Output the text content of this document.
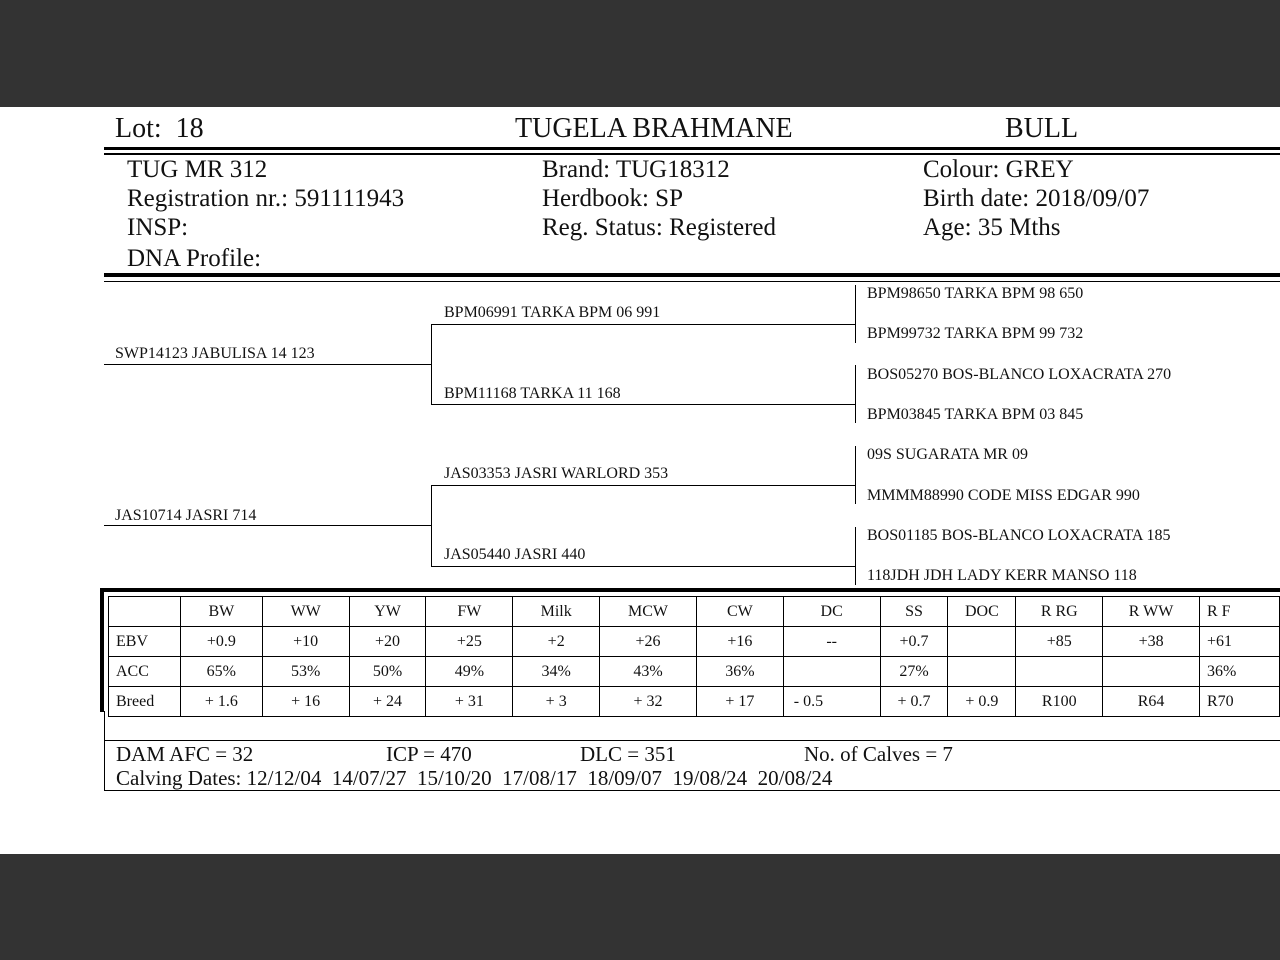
Lot: 18	TUGELA BRAHMANE	BULL
TUG MR 312
Registration nr.: 591111943
INSP:
DNA Profile:
Brand: TUG18312
Herdbook: SP
Reg. Status: Registered
Colour: GREY
Birth date: 2018/09/07
Age: 35 Mths
SWP14123 JABULISA 14 123
JAS10714 JASRI 714
BPM06991 TARKA BPM 06 991
BPM11168 TARKA 11 168
JAS03353 JASRI WARLORD 353
JAS05440 JASRI 440
BPM98650 TARKA BPM 98 650
BPM99732 TARKA BPM 99 732
BOS05270 BOS-BLANCO LOXACRATA 270
BPM03845 TARKA BPM 03 845
09S SUGARATA MR 09
MMMM88990 CODE MISS EDGAR 990
BOS01185 BOS-BLANCO LOXACRATA 185
118JDH JDH LADY KERR MANSO 118
	BW	WW	YW	FW	Milk	MCW	CW	DC	SS	DOC	R RG	R WW	R F
EBV	+0.9	+10	+20	+25	+2	+26	+16	--	+0.7		+85	+38	+61
ACC	65%	53%	50%	49%	34%	43%	36%		27%				36%
Breed	+ 1.6	+ 16	+ 24	+ 31	+ 3	+ 32	+ 17	- 0.5	+ 0.7	+ 0.9	R100	R64	R70
DAM AFC = 32	ICP = 470	DLC = 351	No. of Calves = 7
Calving Dates: 12/12/04  14/07/27  15/10/20  17/08/17  18/09/07  19/08/24  20/08/24
